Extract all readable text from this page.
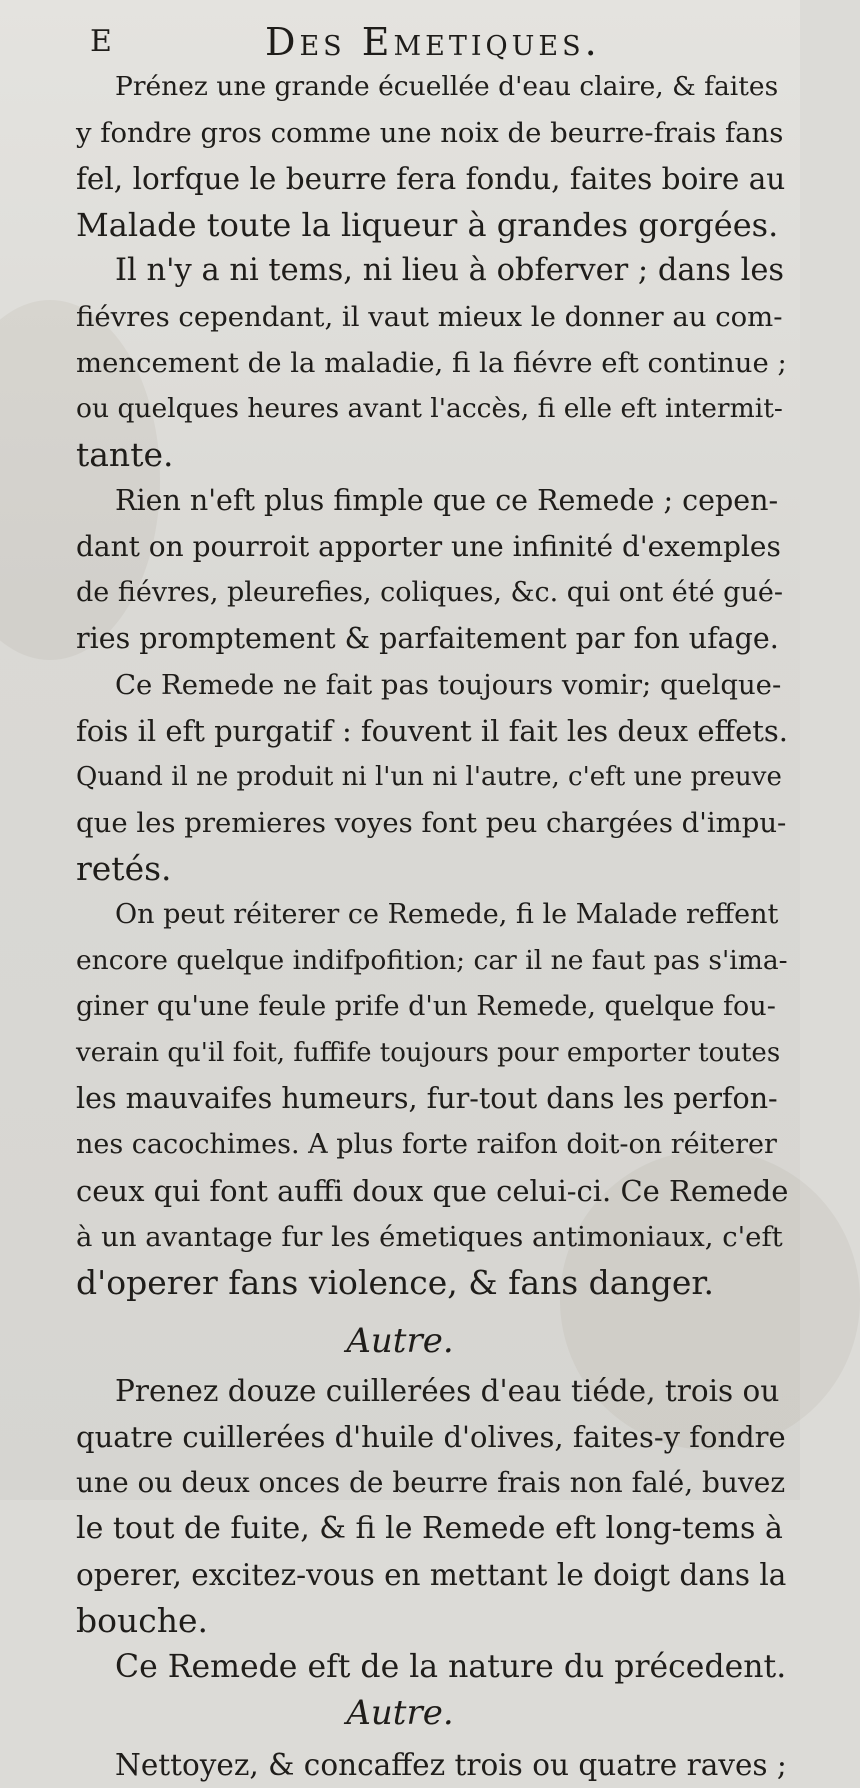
E	Des Emetiques.
Prénez une grande écuellée d'eau claire, & faites
y fondre gros comme une noix de beurre-frais fans
fel, lorfque le beurre fera fondu, faites boire au
Malade toute la liqueur à grandes gorgées.
Il n'y a ni tems, ni lieu à obferver ; dans les
fiévres cependant, il vaut mieux le donner au com-
mencement de la maladie, fi la fiévre eft continue ;
ou quelques heures avant l'accès, fi elle eft intermit-
tante.
Rien n'eft plus fimple que ce Remede ; cepen-
dant on pourroit apporter une infinité d'exemples
de fiévres, pleurefies, coliques, &c. qui ont été gué-
ries promptement & parfaitement par fon ufage.
Ce Remede ne fait pas toujours vomir; quelque-
fois il eft purgatif : fouvent il fait les deux effets.
Quand il ne produit ni l'un ni l'autre, c'eft une preuve
que les premieres voyes font peu chargées d'impu-
retés.
On peut réiterer ce Remede, fi le Malade reffent
encore quelque indifpofition; car il ne faut pas s'ima-
giner qu'une feule prife d'un Remede, quelque fou-
verain qu'il foit, fuffife toujours pour emporter toutes
les mauvaifes humeurs, fur-tout dans les perfon-
nes cacochimes. A plus forte raifon doit-on réiterer
ceux qui font auffi doux que celui-ci. Ce Remede
à un avantage fur les émetiques antimoniaux, c'eft
d'operer fans violence, & fans danger.
Autre.
Prenez douze cuillerées d'eau tiéde, trois ou
quatre cuillerées d'huile d'olives, faites-y fondre
une ou deux onces de beurre frais non falé, buvez
le tout de fuite, & fi le Remede eft long-tems à
operer, excitez-vous en mettant le doigt dans la
bouche.
Ce Remede eft de la nature du précedent.
Autre.
Nettoyez, & concaffez trois ou quatre raves ;
